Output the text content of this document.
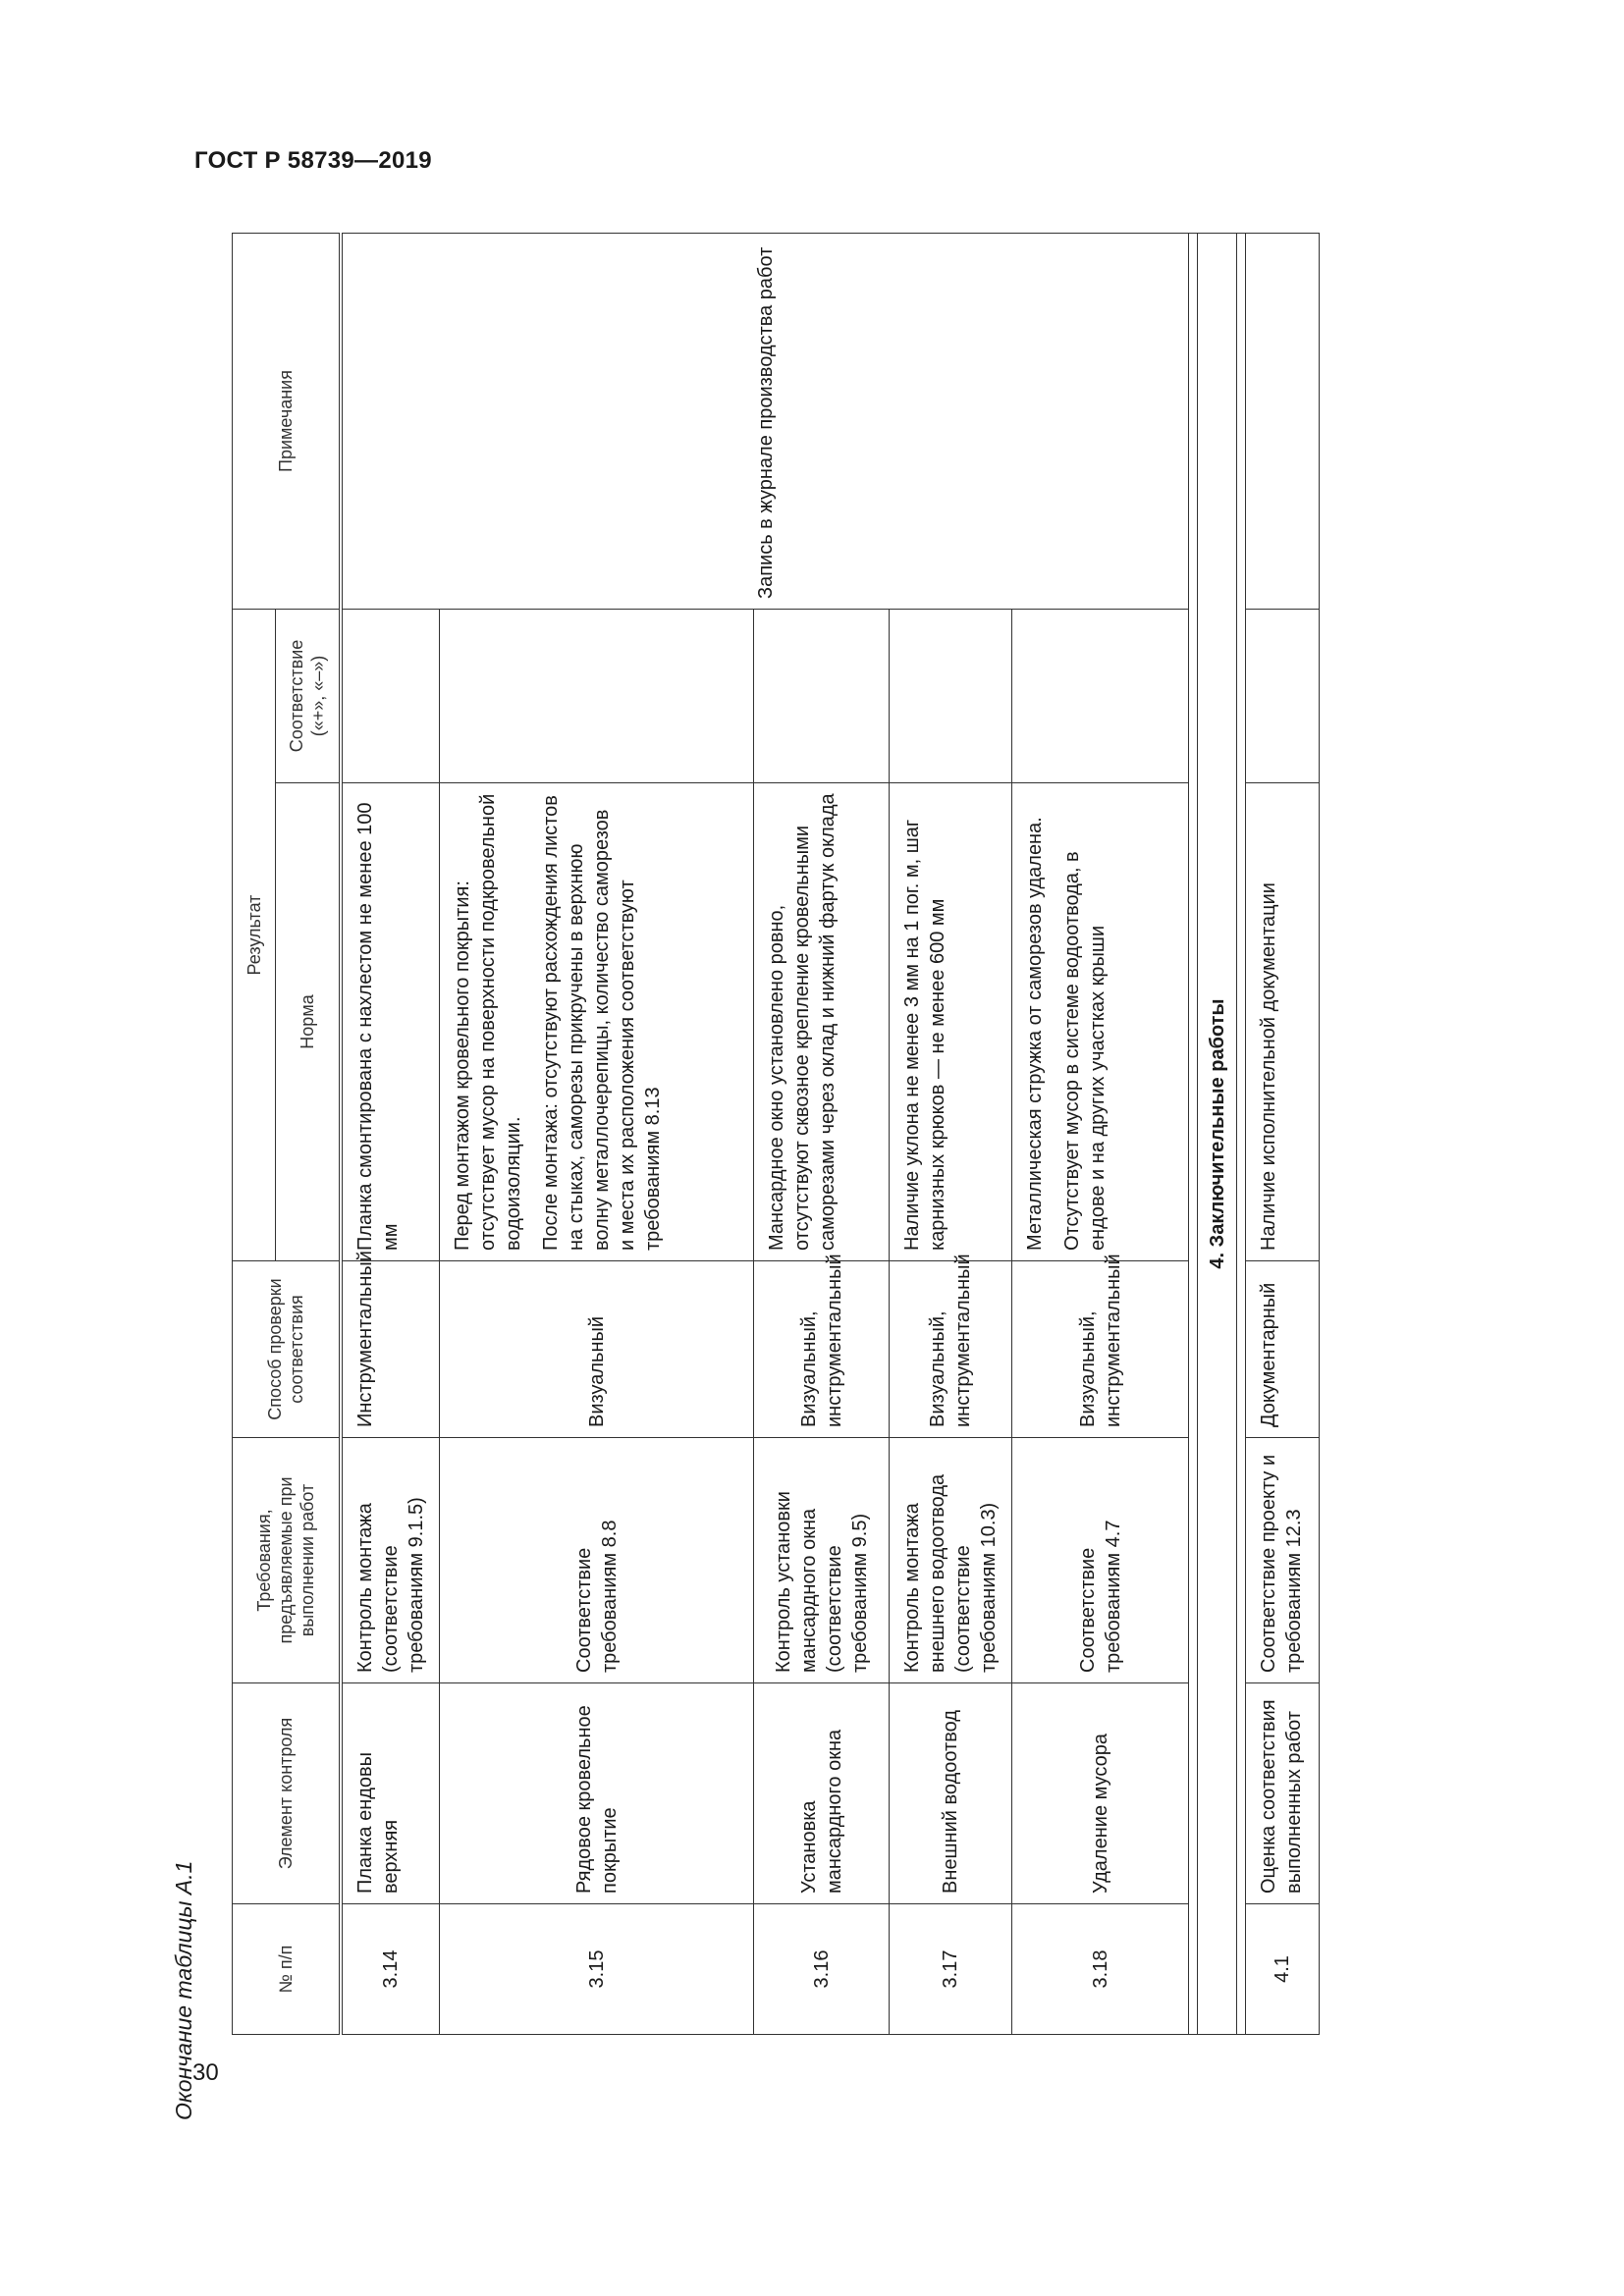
ГОСТ Р 58739—2019
Окончание таблицы А.1
30
№ п/п	Элемент контроля	Требования, предъявляемые при выполнении работ	Способ проверки соответствия	Результат		Примечания
				Норма	Соответствие («+», «–»)	
3.14	Планка ендовы верхняя	Контроль монтажа (соответствие требованиям 9.1.5)	Инструментальный	Планка смонтирована с нахлестом не менее 100 мм		Запись в журнале производства работ
3.15	Рядовое кровельное покрытие	Соответствие требованиям 8.8	Визуальный	Перед монтажом кровельного покрытия: отсутствует мусор на поверхности подкровельной водоизоляции. После монтажа: отсутствуют расхождения листов на стыках, саморезы прикручены в верхнюю волну металлочерепицы, количество саморезов и места их расположения соответствуют требованиям 8.13		

3.16	Установка мансардного окна	Контроль установки мансардного окна (соответствие требованиям 9.5)	Визуальный, инструментальный	Мансардное окно установлено ровно, отсутствуют сквозное крепление кровельными саморезами через оклад и нижний фартук оклада		

3.17	Внешний водоотвод	Контроль монтажа внешнего водоотвода (соответствие требованиям 10.3)	Визуальный, инструментальный	Наличие уклона не менее 3 мм на 1 пог. м, шаг карнизных крюков — не менее 600 мм		

3.18	Удаление мусора	Соответствие требованиям 4.7	Визуальный, инструментальный	Металлическая стружка от саморезов удалена. Отсутствует мусор в системе водоотвода, в ендове и на других участках крыши		

4. Заключительные работы						

4.1	Оценка соответствия выполненных работ	Соответствие проекту и требованиям 12.3	Документарный	Наличие исполнительной документации		
